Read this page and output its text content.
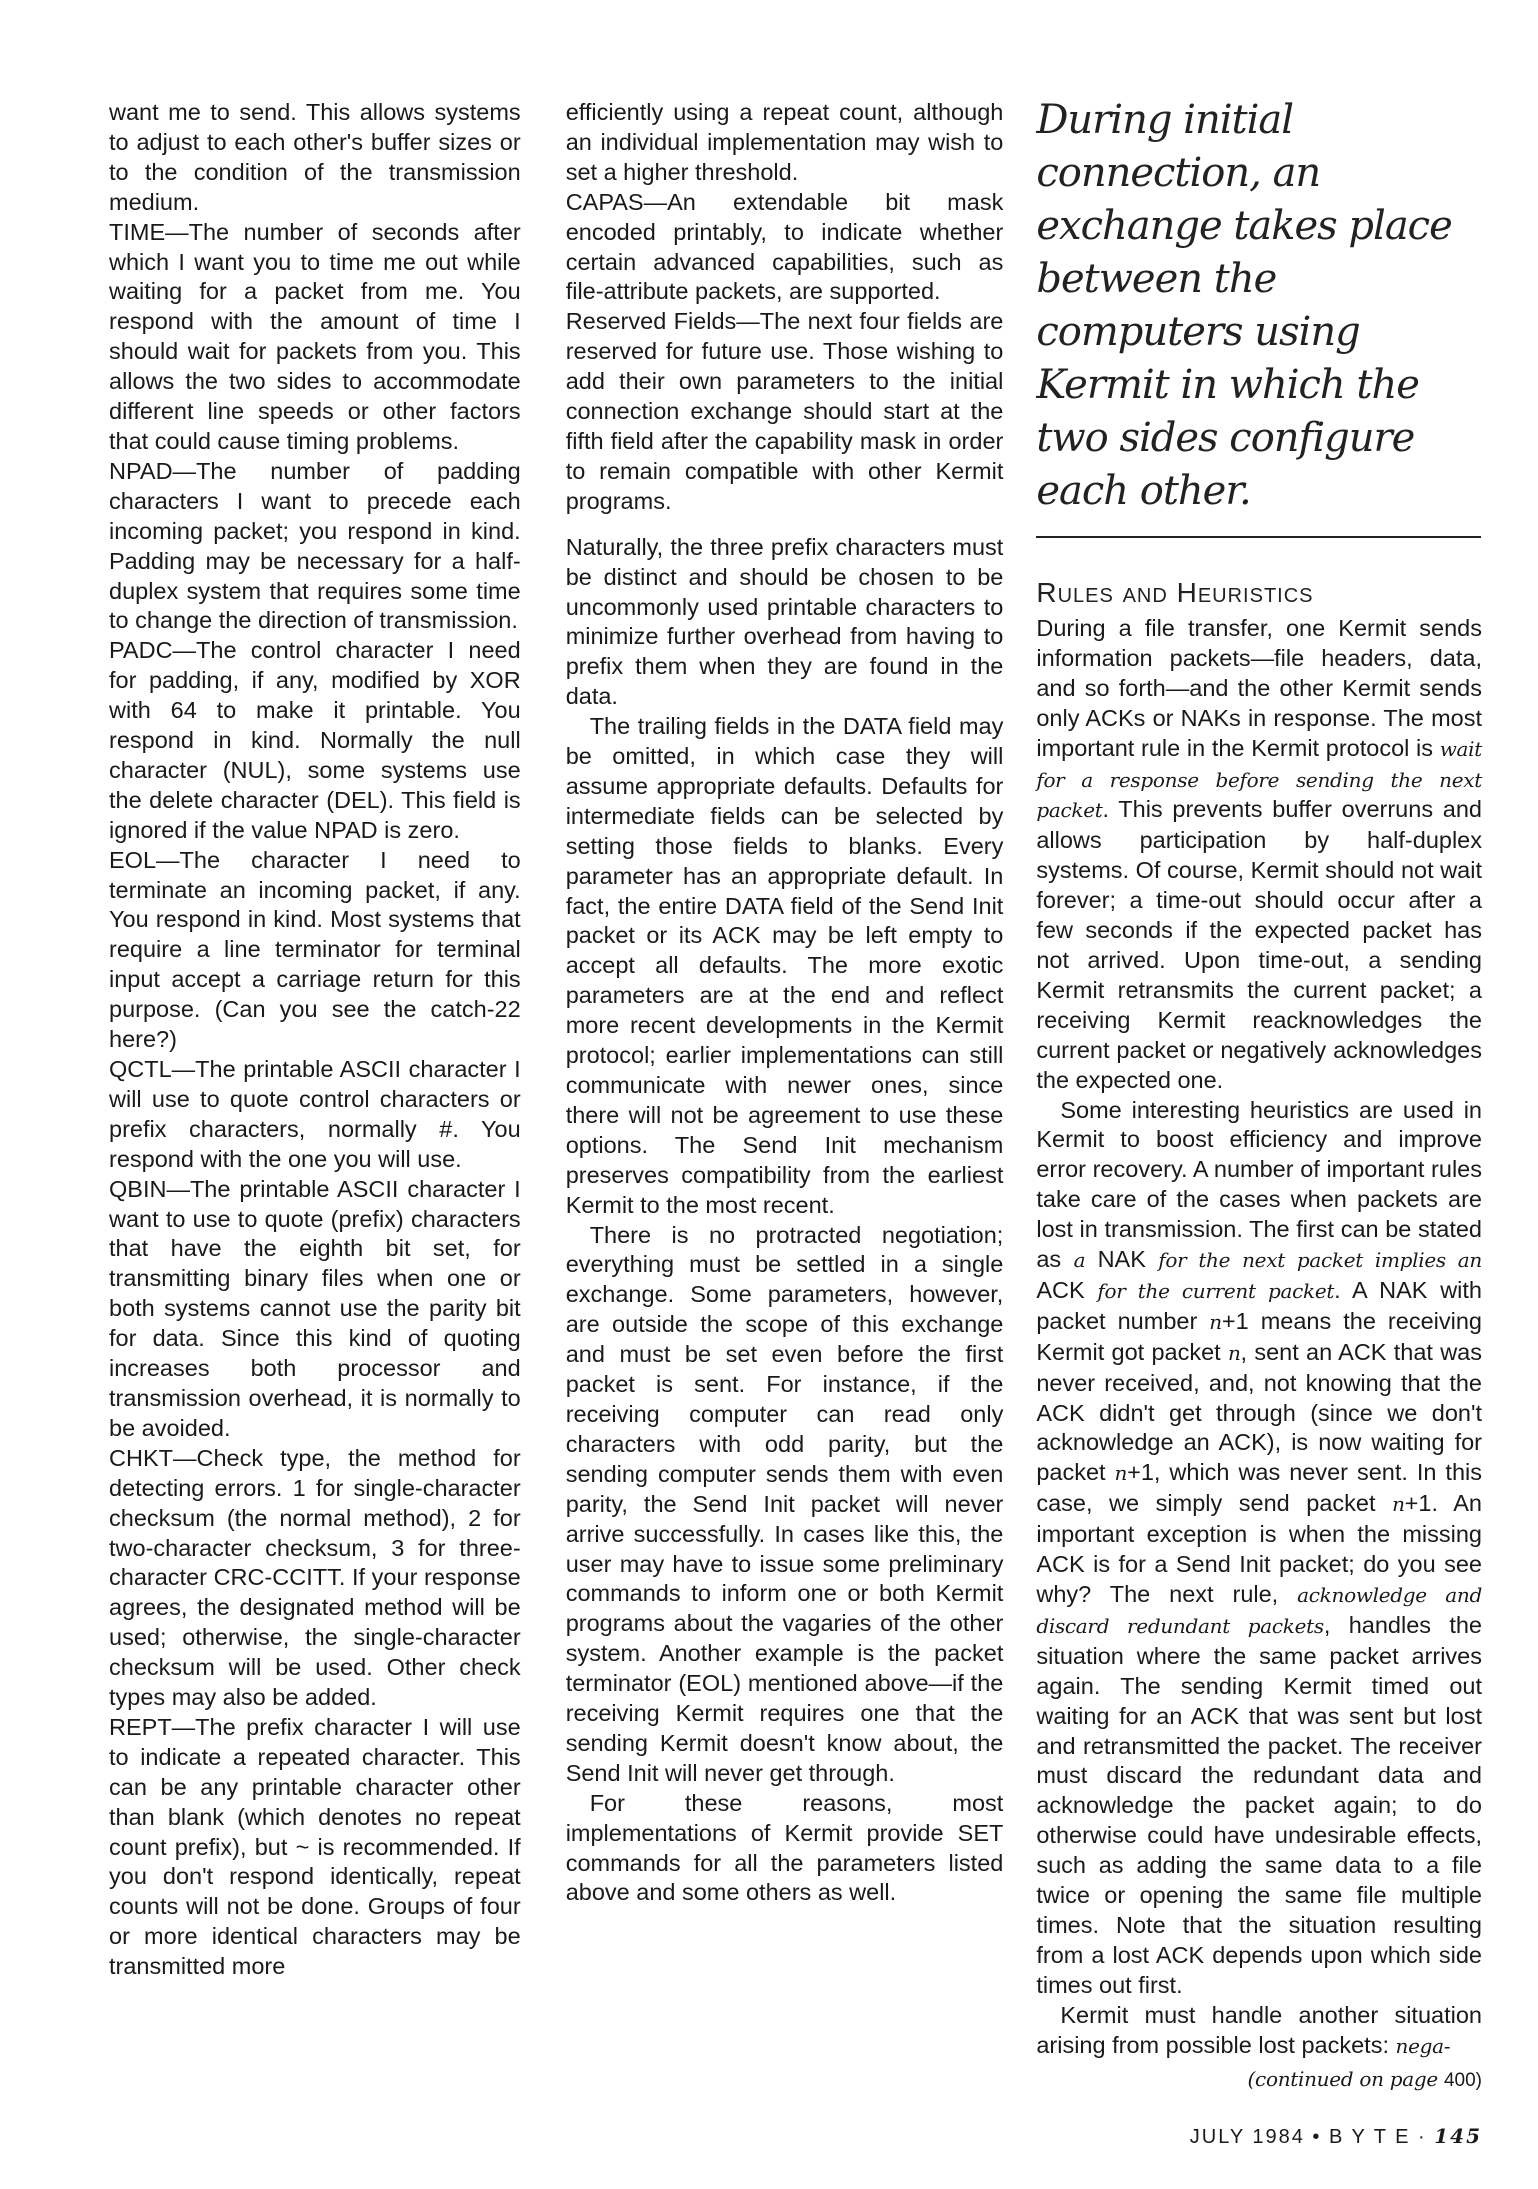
want me to send. This allows systems to adjust to each other's buffer sizes or to the condition of the transmission medium.

TIME—The number of seconds after which I want you to time me out while waiting for a packet from me. You respond with the amount of time I should wait for packets from you. This allows the two sides to accommodate different line speeds or other factors that could cause timing problems.

NPAD—The number of padding characters I want to precede each incoming packet; you respond in kind. Padding may be necessary for a half-duplex system that requires some time to change the direction of transmission.

PADC—The control character I need for padding, if any, modified by XOR with 64 to make it printable. You respond in kind. Normally the null character (NUL), some systems use the delete character (DEL). This field is ignored if the value NPAD is zero.

EOL—The character I need to terminate an incoming packet, if any. You respond in kind. Most systems that require a line terminator for terminal input accept a carriage return for this purpose. (Can you see the catch-22 here?)

QCTL—The printable ASCII character I will use to quote control characters or prefix characters, normally #. You respond with the one you will use.

QBIN—The printable ASCII character I want to use to quote (prefix) characters that have the eighth bit set, for transmitting binary files when one or both systems cannot use the parity bit for data. Since this kind of quoting increases both processor and transmission overhead, it is normally to be avoided.

CHKT—Check type, the method for detecting errors. 1 for single-character checksum (the normal method), 2 for two-character checksum, 3 for three-character CRC-CCITT. If your response agrees, the designated method will be used; otherwise, the single-character checksum will be used. Other check types may also be added.

REPT—The prefix character I will use to indicate a repeated character. This can be any printable character other than blank (which denotes no repeat count prefix), but ~ is recommended. If you don't respond identically, repeat counts will not be done. Groups of four or more identical characters may be transmitted more

efficiently using a repeat count, although an individual implementation may wish to set a higher threshold.

CAPAS—An extendable bit mask encoded printably, to indicate whether certain advanced capabilities, such as file-attribute packets, are supported.

Reserved Fields—The next four fields are reserved for future use. Those wishing to add their own parameters to the initial connection exchange should start at the fifth field after the capability mask in order to remain compatible with other Kermit programs.

Naturally, the three prefix characters must be distinct and should be chosen to be uncommonly used printable characters to minimize further overhead from having to prefix them when they are found in the data.

The trailing fields in the DATA field may be omitted, in which case they will assume appropriate defaults. Defaults for intermediate fields can be selected by setting those fields to blanks. Every parameter has an appropriate default. In fact, the entire DATA field of the Send Init packet or its ACK may be left empty to accept all defaults. The more exotic parameters are at the end and reflect more recent developments in the Kermit protocol; earlier implementations can still communicate with newer ones, since there will not be agreement to use these options. The Send Init mechanism preserves compatibility from the earliest Kermit to the most recent.

There is no protracted negotiation; everything must be settled in a single exchange. Some parameters, however, are outside the scope of this exchange and must be set even before the first packet is sent. For instance, if the receiving computer can read only characters with odd parity, but the sending computer sends them with even parity, the Send Init packet will never arrive successfully. In cases like this, the user may have to issue some preliminary commands to inform one or both Kermit programs about the vagaries of the other system. Another example is the packet terminator (EOL) mentioned above—if the receiving Kermit requires one that the sending Kermit doesn't know about, the Send Init will never get through.

For these reasons, most implementations of Kermit provide SET commands for all the parameters listed above and some others as well.

During initial connection, an exchange takes place between the computers using Kermit in which the two sides configure each other.
Rules and Heuristics

During a file transfer, one Kermit sends information packets—file headers, data, and so forth—and the other Kermit sends only ACKs or NAKs in response. The most important rule in the Kermit protocol is wait for a response before sending the next packet. This prevents buffer overruns and allows participation by half-duplex systems. Of course, Kermit should not wait forever; a time-out should occur after a few seconds if the expected packet has not arrived. Upon time-out, a sending Kermit retransmits the current packet; a receiving Kermit reacknowledges the current packet or negatively acknowledges the expected one.

Some interesting heuristics are used in Kermit to boost efficiency and improve error recovery. A number of important rules take care of the cases when packets are lost in transmission. The first can be stated as a NAK for the next packet implies an ACK for the current packet. A NAK with packet number n+1 means the receiving Kermit got packet n, sent an ACK that was never received, and, not knowing that the ACK didn't get through (since we don't acknowledge an ACK), is now waiting for packet n+1, which was never sent. In this case, we simply send packet n+1. An important exception is when the missing ACK is for a Send Init packet; do you see why? The next rule, acknowledge and discard redundant packets, handles the situation where the same packet arrives again. The sending Kermit timed out waiting for an ACK that was sent but lost and retransmitted the packet. The receiver must discard the redundant data and acknowledge the packet again; to do otherwise could have undesirable effects, such as adding the same data to a file twice or opening the same file multiple times. Note that the situation resulting from a lost ACK depends upon which side times out first.

Kermit must handle another situation arising from possible lost packets: nega-

(continued on page 400)
JULY 1984 • B Y T E · 145
